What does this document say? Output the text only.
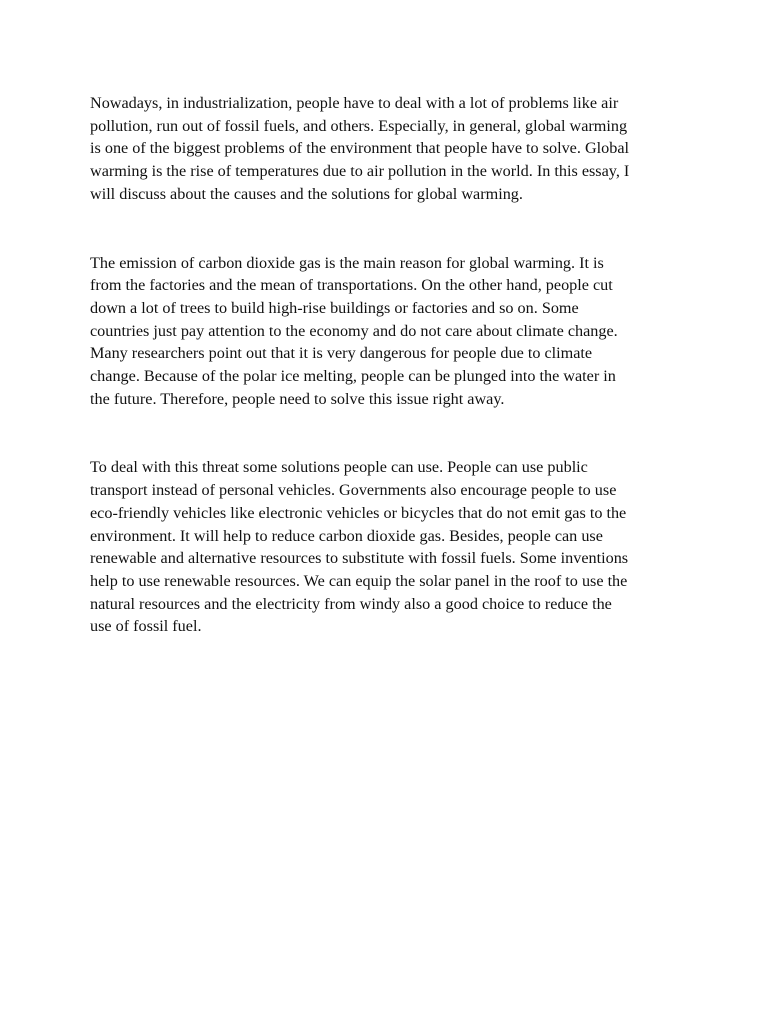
Nowadays, in industrialization, people have to deal with a lot of problems like air
pollution, run out of fossil fuels, and others. Especially, in general, global warming
is one of the biggest problems of the environment that people have to solve. Global
warming is the rise of temperatures due to air pollution in the world. In this essay, I
will discuss about the causes and the solutions for global warming.

The emission of carbon dioxide gas is the main reason for global warming. It is
from the factories and the mean of transportations. On the other hand, people cut
down a lot of trees to build high-rise buildings or factories and so on. Some
countries just pay attention to the economy and do not care about climate change.
Many researchers point out that it is very dangerous for people due to climate
change. Because of the polar ice melting, people can be plunged into the water in
the future. Therefore, people need to solve this issue right away.

To deal with this threat some solutions people can use. People can use public
transport instead of personal vehicles. Governments also encourage people to use
eco-friendly vehicles like electronic vehicles or bicycles that do not emit gas to the
environment. It will help to reduce carbon dioxide gas. Besides, people can use
renewable and alternative resources to substitute with fossil fuels. Some inventions
help to use renewable resources. We can equip the solar panel in the roof to use the
natural resources and the electricity from windy also a good choice to reduce the
use of fossil fuel.
